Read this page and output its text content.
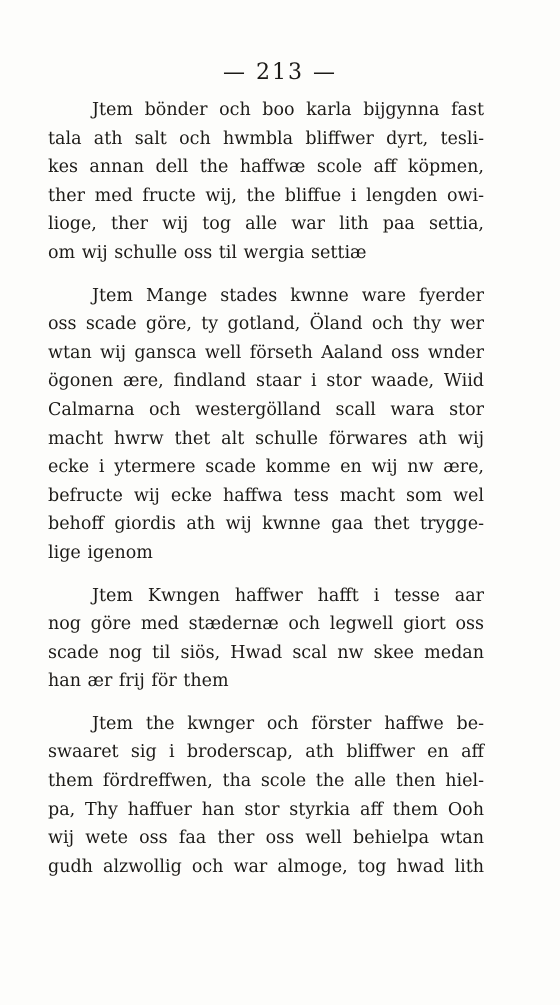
— 213 —
Jtem bönder och boo karla bijgynna fast
tala ath salt och hwmbla bliffwer dyrt, tesli-
kes annan dell the haffwæ scole aff köpmen,
ther med fructe wij, the bliffue i lengden owi-
lioge, ther wij tog alle war lith paa settia,
om wij schulle oss til wergia settiæ
Jtem Mange stades kwnne ware fyerder
oss scade göre, ty gotland, Öland och thy wer
wtan wij gansca well förseth Aaland oss wnder
ögonen ære, findland staar i stor waade, Wiid
Calmarna och westergölland scall wara stor
macht hwrw thet alt schulle förwares ath wij
ecke i ytermere scade komme en wij nw ære,
befructe wij ecke haffwa tess macht som wel
behoff giordis ath wij kwnne gaa thet trygge-
lige igenom
Jtem Kwngen haffwer hafft i tesse aar
nog göre med stædernæ och legwell giort oss
scade nog til siös, Hwad scal nw skee medan
han ær frij för them
Jtem the kwnger och förster haffwe be-
swaaret sig i broderscap, ath bliffwer en aff
them fördreffwen, tha scole the alle then hiel-
pa, Thy haffuer han stor styrkia aff them Ooh
wij wete oss faa ther oss well behielpa wtan
gudh alzwollig och war almoge, tog hwad lith
